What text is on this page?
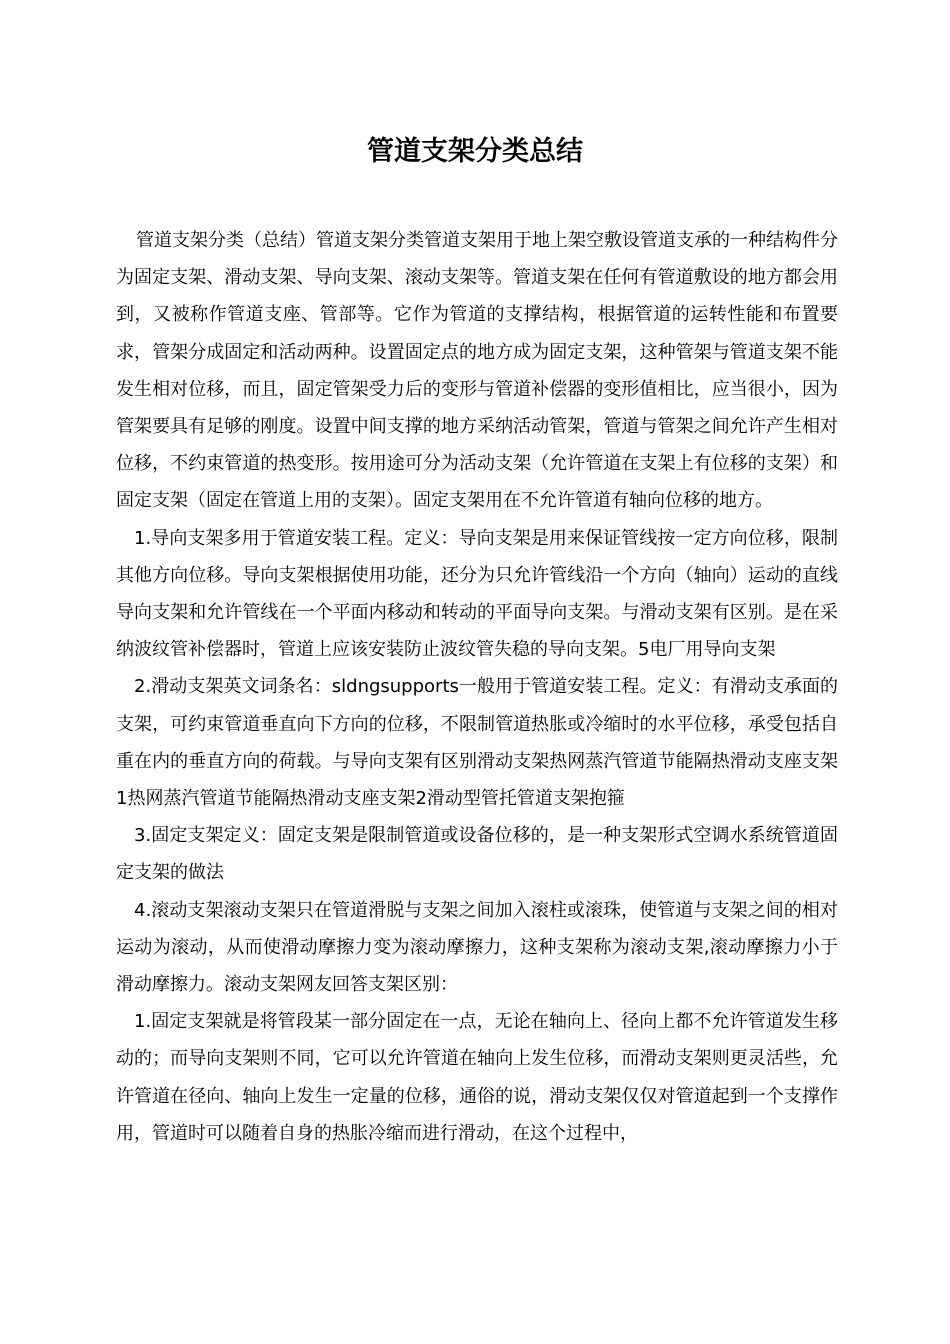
管道支架分类总结

管道支架分类（总结）管道支架分类管道支架用于地上架空敷设管道支承的一种结构件分为固定支架、滑动支架、导向支架、滚动支架等。管道支架在任何有管道敷设的地方都会用到，又被称作管道支座、管部等。它作为管道的支撑结构，根据管道的运转性能和布置要求，管架分成固定和活动两种。设置固定点的地方成为固定支架，这种管架与管道支架不能发生相对位移，而且，固定管架受力后的变形与管道补偿器的变形值相比，应当很小，因为管架要具有足够的刚度。设置中间支撑的地方采纳活动管架，管道与管架之间允许产生相对位移，不约束管道的热变形。按用途可分为活动支架（允许管道在支架上有位移的支架）和固定支架（固定在管道上用的支架）。固定支架用在不允许管道有轴向位移的地方。

1.导向支架多用于管道安装工程。定义：导向支架是用来保证管线按一定方向位移，限制其他方向位移。导向支架根据使用功能，还分为只允许管线沿一个方向（轴向）运动的直线导向支架和允许管线在一个平面内移动和转动的平面导向支架。与滑动支架有区别。是在采纳波纹管补偿器时，管道上应该安装防止波纹管失稳的导向支架。5电厂用导向支架

2.滑动支架英文词条名：sldngsupports一般用于管道安装工程。定义：有滑动支承面的支架，可约束管道垂直向下方向的位移，不限制管道热胀或冷缩时的水平位移，承受包括自重在内的垂直方向的荷载。与导向支架有区别滑动支架热网蒸汽管道节能隔热滑动支座支架1热网蒸汽管道节能隔热滑动支座支架2滑动型管托管道支架抱箍

3.固定支架定义：固定支架是限制管道或设备位移的，是一种支架形式空调水系统管道固定支架的做法

4.滚动支架滚动支架只在管道滑脱与支架之间加入滚柱或滚珠，使管道与支架之间的相对运动为滚动，从而使滑动摩擦力变为滚动摩擦力，这种支架称为滚动支架,滚动摩擦力小于滑动摩擦力。滚动支架网友回答支架区别：

1.固定支架就是将管段某一部分固定在一点，无论在轴向上、径向上都不允许管道发生移动的；而导向支架则不同，它可以允许管道在轴向上发生位移，而滑动支架则更灵活些，允许管道在径向、轴向上发生一定量的位移，通俗的说，滑动支架仅仅对管道起到一个支撑作用，管道时可以随着自身的热胀冷缩而进行滑动，在这个过程中，
